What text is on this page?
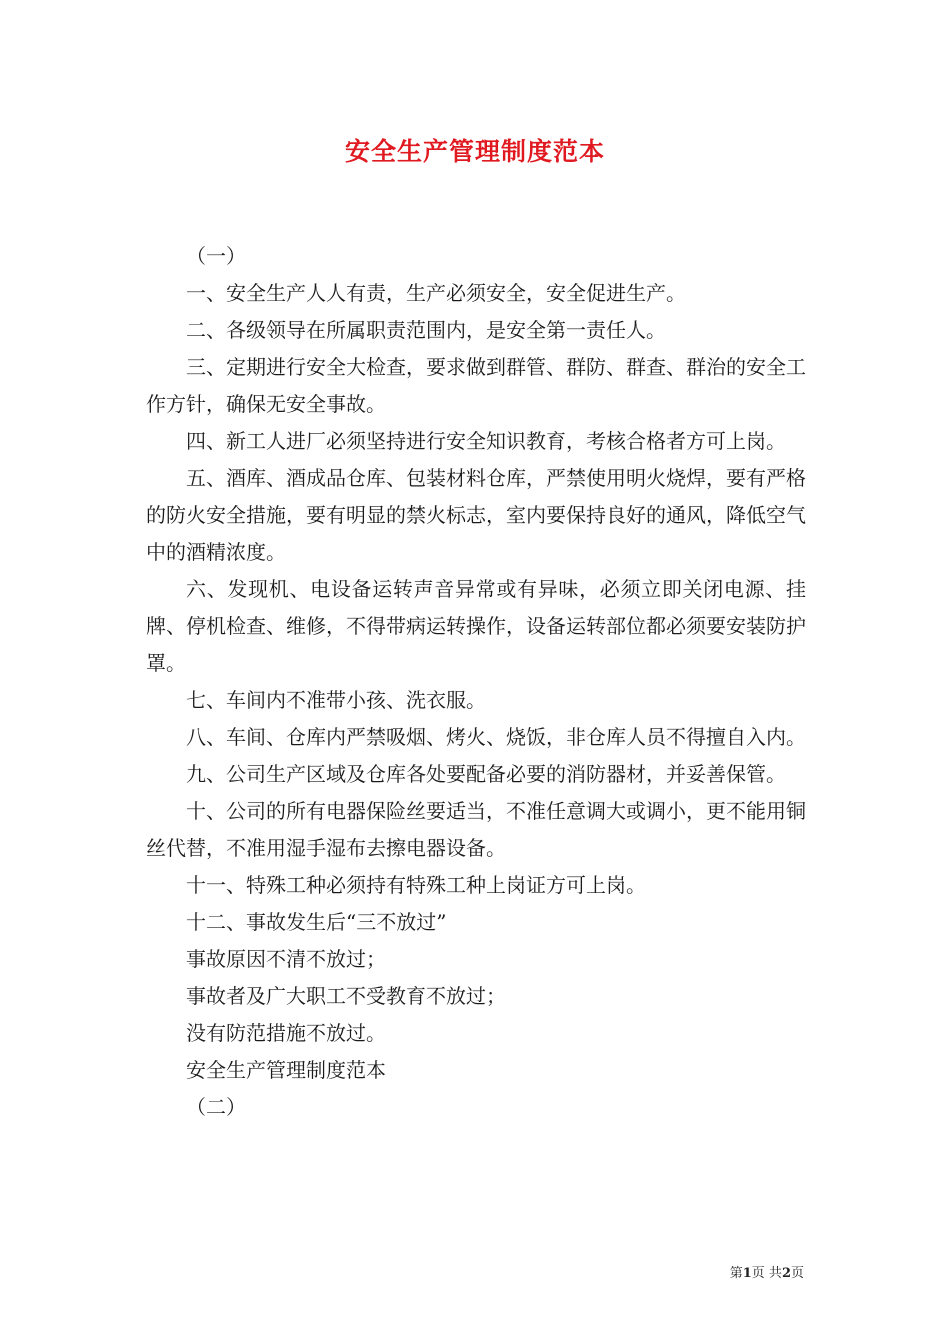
安全生产管理制度范本

（一）

一、安全生产人人有责，生产必须安全，安全促进生产。

二、各级领导在所属职责范围内，是安全第一责任人。

三、定期进行安全大检查，要求做到群管、群防、群查、群治的安全工作方针，确保无安全事故。

四、新工人进厂必须坚持进行安全知识教育，考核合格者方可上岗。

五、酒库、酒成品仓库、包装材料仓库，严禁使用明火烧焊，要有严格的防火安全措施，要有明显的禁火标志，室内要保持良好的通风，降低空气中的酒精浓度。

六、发现机、电设备运转声音异常或有异味，必须立即关闭电源、挂牌、停机检查、维修，不得带病运转操作，设备运转部位都必须要安装防护罩。

七、车间内不准带小孩、洗衣服。

八、车间、仓库内严禁吸烟、烤火、烧饭，非仓库人员不得擅自入内。

九、公司生产区域及仓库各处要配备必要的消防器材，并妥善保管。

十、公司的所有电器保险丝要适当，不准任意调大或调小，更不能用铜丝代替，不准用湿手湿布去擦电器设备。

十一、特殊工种必须持有特殊工种上岗证方可上岗。

十二、事故发生后“三不放过”

事故原因不清不放过；

事故者及广大职工不受教育不放过；

没有防范措施不放过。

安全生产管理制度范本

（二）

第1页 共2页
